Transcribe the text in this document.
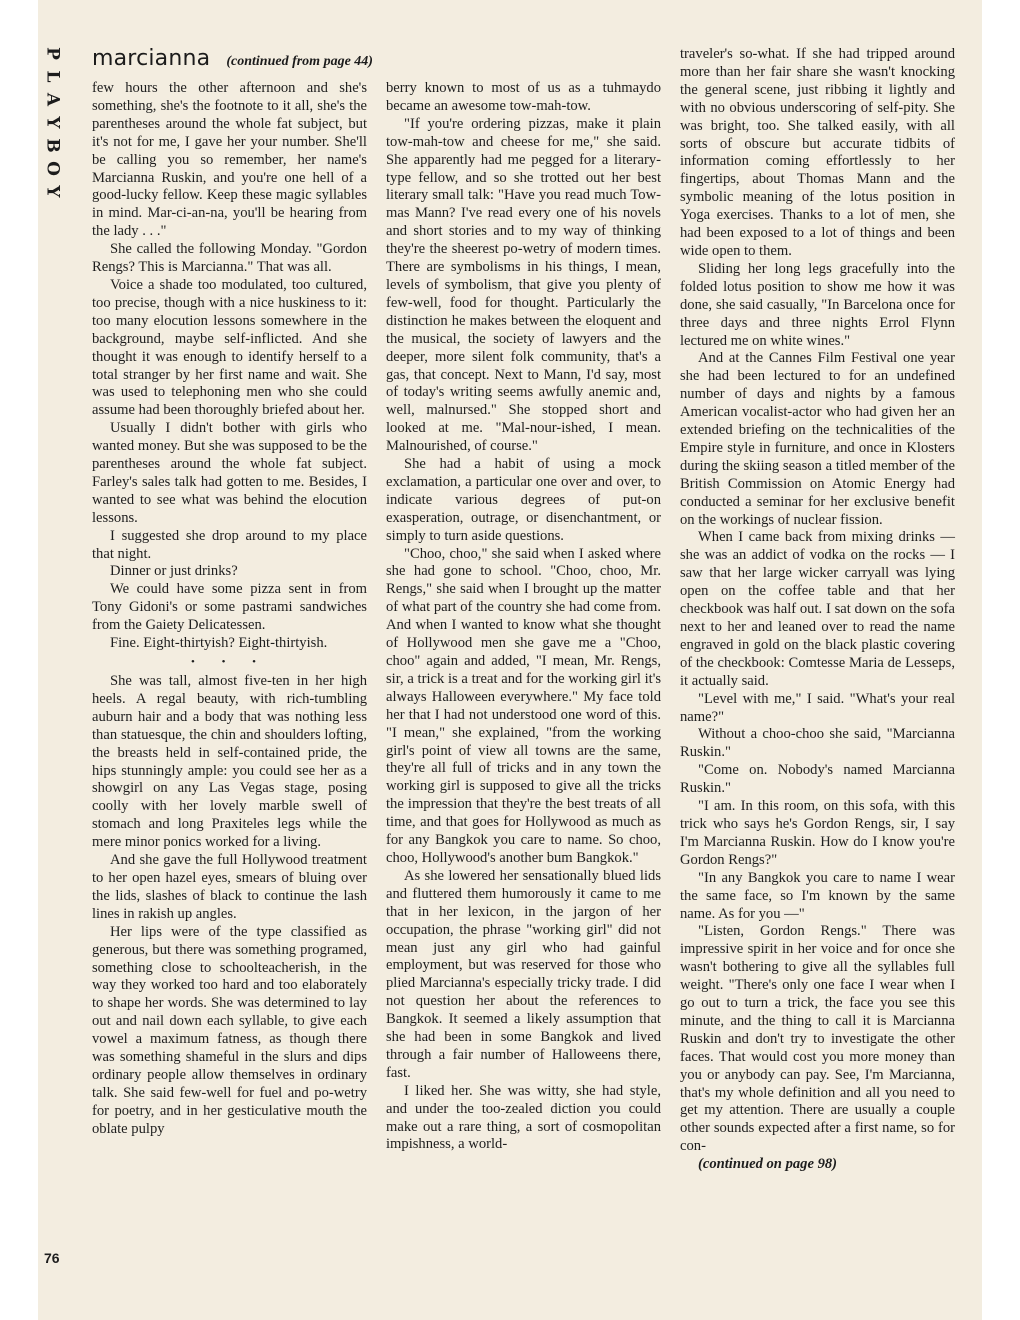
P
L
A
Y
B
O
Y
marcianna (continued from page 44)

few hours the other afternoon and she's something, she's the footnote to it all, she's the parentheses around the whole fat subject, but it's not for me, I gave her your number. She'll be calling you so remember, her name's Marcianna Ruskin, and you're one hell of a good-lucky fellow. Keep these magic syllables in mind. Mar-ci-an-na, you'll be hearing from the lady . . ."

She called the following Monday. "Gordon Rengs? This is Marcianna." That was all.

Voice a shade too modulated, too cultured, too precise, though with a nice huskiness to it: too many elocution lessons somewhere in the background, maybe self-inflicted. And she thought it was enough to identify herself to a total stranger by her first name and wait. She was used to telephoning men who she could assume had been thoroughly briefed about her.

Usually I didn't bother with girls who wanted money. But she was supposed to be the parentheses around the whole fat subject. Farley's sales talk had gotten to me. Besides, I wanted to see what was behind the elocution lessons.

I suggested she drop around to my place that night.

Dinner or just drinks?

We could have some pizza sent in from Tony Gidoni's or some pastrami sandwiches from the Gaiety Delicatessen.

Fine. Eight-thirtyish? Eight-thirtyish.

• • •

She was tall, almost five-ten in her high heels. A regal beauty, with rich-tumbling auburn hair and a body that was nothing less than statuesque, the chin and shoulders lofting, the breasts held in self-contained pride, the hips stunningly ample: you could see her as a showgirl on any Las Vegas stage, posing coolly with her lovely marble swell of stomach and long Praxiteles legs while the mere minor ponics worked for a living.

And she gave the full Hollywood treatment to her open hazel eyes, smears of bluing over the lids, slashes of black to continue the lash lines in rakish up angles.

Her lips were of the type classified as generous, but there was something programed, something close to schoolteacherish, in the way they worked too hard and too elaborately to shape her words. She was determined to lay out and nail down each syllable, to give each vowel a maximum fatness, as though there was something shameful in the slurs and dips ordinary people allow themselves in ordinary talk. She said few-well for fuel and po-wetry for poetry, and in her gesticulative mouth the oblate pulpy

berry known to most of us as a tuhmaydo became an awesome tow-mah-tow.

"If you're ordering pizzas, make it plain tow-mah-tow and cheese for me," she said. She apparently had me pegged for a literary-type fellow, and so she trotted out her best literary small talk: "Have you read much Tow-mas Mann? I've read every one of his novels and short stories and to my way of thinking they're the sheerest po-wetry of modern times. There are symbolisms in his things, I mean, levels of symbolism, that give you plenty of few-well, food for thought. Particularly the distinction he makes between the eloquent and the musical, the society of lawyers and the deeper, more silent folk community, that's a gas, that concept. Next to Mann, I'd say, most of today's writing seems awfully anemic and, well, malnursed." She stopped short and looked at me. "Mal-nour-ished, I mean. Malnourished, of course."

She had a habit of using a mock exclamation, a particular one over and over, to indicate various degrees of put-on exasperation, outrage, or disenchantment, or simply to turn aside questions.

"Choo, choo," she said when I asked where she had gone to school. "Choo, choo, Mr. Rengs," she said when I brought up the matter of what part of the country she had come from. And when I wanted to know what she thought of Hollywood men she gave me a "Choo, choo" again and added, "I mean, Mr. Rengs, sir, a trick is a treat and for the working girl it's always Halloween everywhere." My face told her that I had not understood one word of this. "I mean," she explained, "from the working girl's point of view all towns are the same, they're all full of tricks and in any town the working girl is supposed to give all the tricks the impression that they're the best treats of all time, and that goes for Hollywood as much as for any Bangkok you care to name. So choo, choo, Hollywood's another bum Bangkok."

As she lowered her sensationally blued lids and fluttered them humorously it came to me that in her lexicon, in the jargon of her occupation, the phrase "working girl" did not mean just any girl who had gainful employment, but was reserved for those who plied Marcianna's especially tricky trade. I did not question her about the references to Bangkok. It seemed a likely assumption that she had been in some Bangkok and lived through a fair number of Halloweens there, fast.

I liked her. She was witty, she had style, and under the too-zealed diction you could make out a rare thing, a sort of cosmopolitan impishness, a world-

traveler's so-what. If she had tripped around more than her fair share she wasn't knocking the general scene, just ribbing it lightly and with no obvious underscoring of self-pity. She was bright, too. She talked easily, with all sorts of obscure but accurate tidbits of information coming effortlessly to her fingertips, about Thomas Mann and the symbolic meaning of the lotus position in Yoga exercises. Thanks to a lot of men, she had been exposed to a lot of things and been wide open to them.

Sliding her long legs gracefully into the folded lotus position to show me how it was done, she said casually, "In Barcelona once for three days and three nights Errol Flynn lectured me on white wines."

And at the Cannes Film Festival one year she had been lectured to for an undefined number of days and nights by a famous American vocalist-actor who had given her an extended briefing on the technicalities of the Empire style in furniture, and once in Klosters during the skiing season a titled member of the British Commission on Atomic Energy had conducted a seminar for her exclusive benefit on the workings of nuclear fission.

When I came back from mixing drinks — she was an addict of vodka on the rocks — I saw that her large wicker carryall was lying open on the coffee table and that her checkbook was half out. I sat down on the sofa next to her and leaned over to read the name engraved in gold on the black plastic covering of the checkbook: Comtesse Maria de Lesseps, it actually said.

"Level with me," I said. "What's your real name?"

Without a choo-choo she said, "Marcianna Ruskin."

"Come on. Nobody's named Marcianna Ruskin."

"I am. In this room, on this sofa, with this trick who says he's Gordon Rengs, sir, I say I'm Marcianna Ruskin. How do I know you're Gordon Rengs?"

"In any Bangkok you care to name I wear the same face, so I'm known by the same name. As for you —"

"Listen, Gordon Rengs." There was impressive spirit in her voice and for once she wasn't bothering to give all the syllables full weight. "There's only one face I wear when I go out to turn a trick, the face you see this minute, and the thing to call it is Marcianna Ruskin and don't try to investigate the other faces. That would cost you more money than you or anybody can pay. See, I'm Marcianna, that's my whole definition and all you need to get my attention. There are usually a couple other sounds expected after a first name, so for con-

(continued on page 98)

76
